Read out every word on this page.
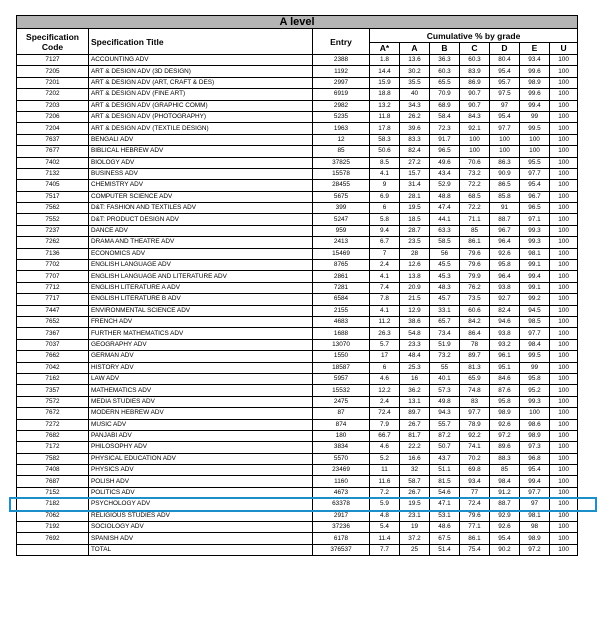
A level									
Specification Code	Specification Title	Entry	Cumulative % by grade						
			A*	A	B	C	D	E	U
7127	ACCOUNTING ADV	2388	1.8	13.6	36.3	60.3	80.4	93.4	100
7205	ART & DESIGN ADV (3D DESIGN)	1192	14.4	30.2	60.3	83.9	95.4	99.6	100
7201	ART & DESIGN ADV (ART, CRAFT & DES)	2997	15.9	35.5	65.5	86.9	95.7	98.9	100
7202	ART & DESIGN ADV (FINE ART)	6919	18.8	40	70.9	90.7	97.5	99.6	100
7203	ART & DESIGN ADV (GRAPHIC COMM)	2982	13.2	34.3	68.9	90.7	97	99.4	100
7206	ART & DESIGN ADV (PHOTOGRAPHY)	5235	11.8	26.2	58.4	84.3	95.4	99	100
7204	ART & DESIGN ADV (TEXTILE DESIGN)	1963	17.8	39.6	72.3	92.1	97.7	99.5	100
7637	BENGALI ADV	12	58.3	83.3	91.7	100	100	100	100
7677	BIBLICAL HEBREW ADV	85	50.6	82.4	96.5	100	100	100	100
7402	BIOLOGY ADV	37825	8.5	27.2	49.6	70.6	86.3	95.5	100
7132	BUSINESS ADV	15578	4.1	15.7	43.4	73.2	90.9	97.7	100
7405	CHEMISTRY ADV	28455	9	31.4	52.9	72.2	86.5	95.4	100
7517	COMPUTER SCIENCE ADV	5675	6.9	28.1	48.8	68.5	85.8	96.7	100
7562	D&T: FASHION AND TEXTILES ADV	399	6	19.5	47.4	72.2	91	96.5	100
7552	D&T: PRODUCT DESIGN ADV	5247	5.8	18.5	44.1	71.1	88.7	97.1	100
7237	DANCE ADV	959	9.4	28.7	63.3	85	96.7	99.3	100
7262	DRAMA AND THEATRE ADV	2413	6.7	23.5	58.5	86.1	96.4	99.3	100
7136	ECONOMICS ADV	15469	7	28	56	79.6	92.6	98.1	100
7702	ENGLISH LANGUAGE ADV	8765	2.4	12.6	45.5	79.6	95.8	99.1	100
7707	ENGLISH LANGUAGE AND LITERATURE ADV	2861	4.1	13.8	45.3	79.9	96.4	99.4	100
7712	ENGLISH LITERATURE A ADV	7281	7.4	20.9	48.3	76.2	93.8	99.1	100
7717	ENGLISH LITERATURE B ADV	6584	7.8	21.5	45.7	73.5	92.7	99.2	100
7447	ENVIRONMENTAL SCIENCE ADV	2155	4.1	12.9	33.1	60.6	82.4	94.5	100
7652	FRENCH ADV	4683	11.2	38.6	65.7	84.2	94.6	98.5	100
7367	FURTHER MATHEMATICS ADV	1688	26.3	54.8	73.4	86.4	93.8	97.7	100
7037	GEOGRAPHY ADV	13070	5.7	23.3	51.9	78	93.2	98.4	100
7662	GERMAN ADV	1550	17	48.4	73.2	89.7	96.1	99.5	100
7042	HISTORY ADV	18587	6	25.3	55	81.3	95.1	99	100
7162	LAW ADV	5957	4.6	16	40.1	65.9	84.6	95.8	100
7357	MATHEMATICS ADV	15532	12.2	36.2	57.3	74.8	87.6	95.2	100
7572	MEDIA STUDIES ADV	2475	2.4	13.1	49.8	83	95.8	99.3	100
7672	MODERN HEBREW ADV	87	72.4	89.7	94.3	97.7	98.9	100	100
7272	MUSIC ADV	874	7.9	26.7	55.7	78.9	92.6	98.6	100
7682	PANJABI ADV	180	66.7	81.7	87.2	92.2	97.2	98.9	100
7172	PHILOSOPHY ADV	3834	4.6	22.2	50.7	74.1	89.6	97.3	100
7582	PHYSICAL EDUCATION ADV	5570	5.2	16.6	43.7	70.2	88.3	96.8	100
7408	PHYSICS ADV	23469	11	32	51.1	69.8	85	95.4	100
7687	POLISH ADV	1160	11.6	58.7	81.5	93.4	98.4	99.4	100
7152	POLITICS ADV	4673	7.2	26.7	54.6	77	91.2	97.7	100
7182	PSYCHOLOGY ADV	63378	5.9	19.5	47.1	72.4	88.7	97	100
7062	RELIGIOUS STUDIES ADV	2917	4.8	23.1	53.1	79.6	92.9	98.1	100
7192	SOCIOLOGY ADV	37236	5.4	19	48.6	77.1	92.6	98	100
7692	SPANISH ADV	6178	11.4	37.2	67.5	86.1	95.4	98.9	100
	TOTAL	376537	7.7	25	51.4	75.4	90.2	97.2	100
